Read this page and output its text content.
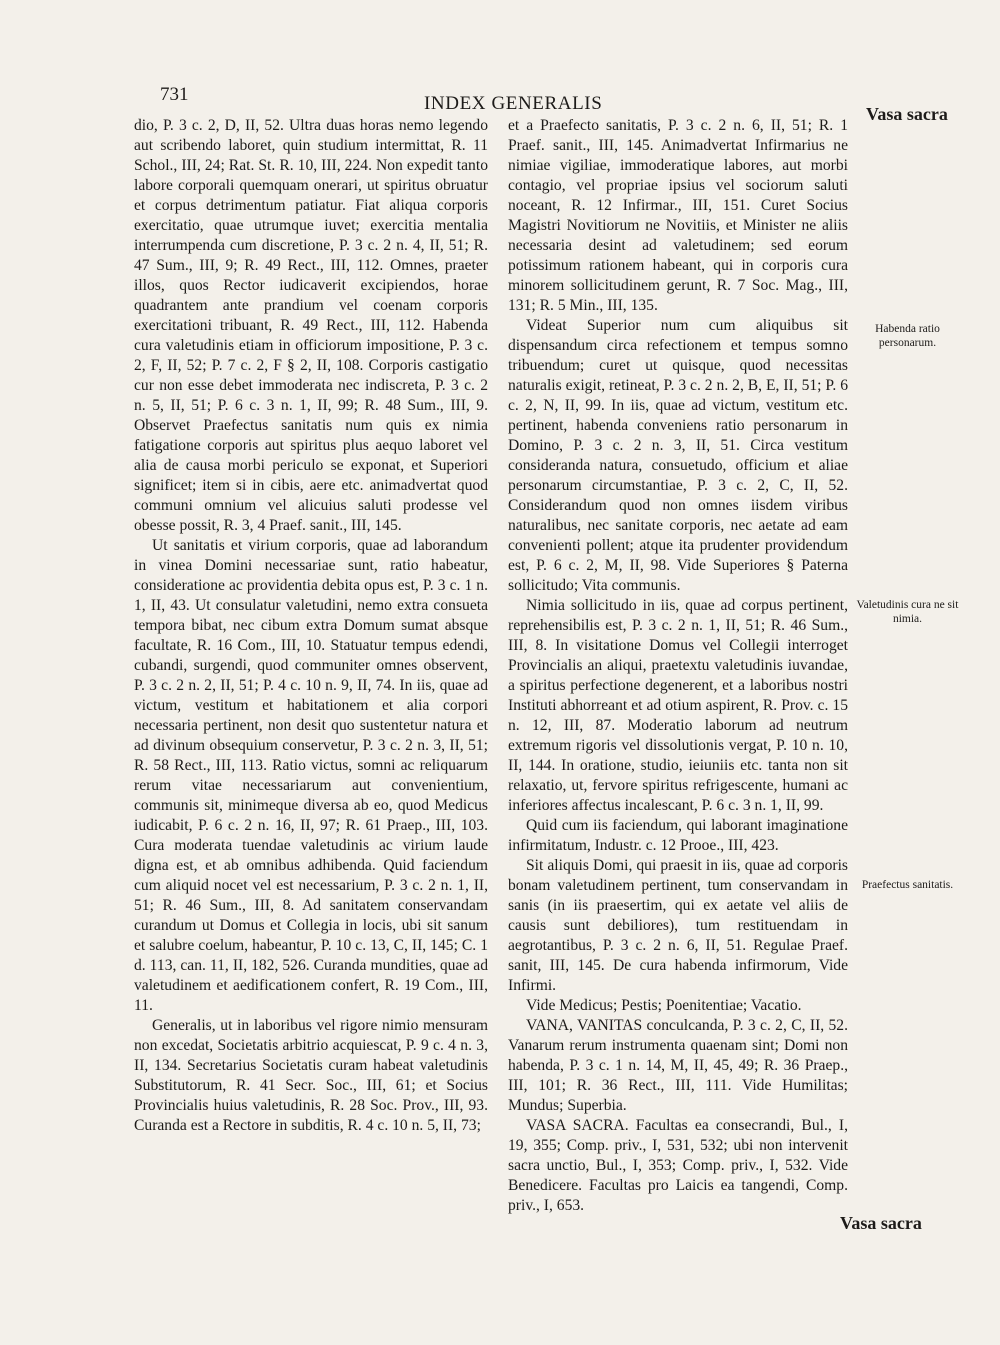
731	INDEX GENERALIS	Vasa sacra

dio, P. 3 c. 2, D, II, 52. Ultra duas horas nemo legendo aut scribendo laboret, quin studium intermittat, R. 11 Schol., III, 24; Rat. St. R. 10, III, 224. Non expedit tanto labore corporali quemquam onerari, ut spiritus obruatur et corpus detrimentum patiatur. Fiat aliqua corporis exercitatio, quae utrumque iuvet; exercitia mentalia interrumpenda cum discretione, P. 3 c. 2 n. 4, II, 51; R. 47 Sum., III, 9; R. 49 Rect., III, 112. Omnes, praeter illos, quos Rector iudicaverit excipiendos, horae quadrantem ante prandium vel coenam corporis exercitationi tribuant, R. 49 Rect., III, 112. Habenda cura valetudinis etiam in officiorum impositione, P. 3 c. 2, F, II, 52; P. 7 c. 2, F § 2, II, 108. Corporis castigatio cur non esse debet immoderata nec indiscreta, P. 3 c. 2 n. 5, II, 51; P. 6 c. 3 n. 1, II, 99; R. 48 Sum., III, 9. Observet Praefectus sanitatis num quis ex nimia fatigatione corporis aut spiritus plus aequo laboret vel alia de causa morbi periculo se exponat, et Superiori significet; item si in cibis, aere etc. animadvertat quod communi omnium vel alicuius saluti prodesse vel obesse possit, R. 3, 4 Praef. sanit., III, 145.

Ut sanitatis et virium corporis, quae ad laborandum in vinea Domini necessariae sunt, ratio habeatur, consideratione ac providentia debita opus est, P. 3 c. 1 n. 1, II, 43. Ut consulatur valetudini, nemo extra consueta tempora bibat, nec cibum extra Domum sumat absque facultate, R. 16 Com., III, 10. Statuatur tempus edendi, cubandi, surgendi, quod communiter omnes observent, P. 3 c. 2 n. 2, II, 51; P. 4 c. 10 n. 9, II, 74. In iis, quae ad victum, vestitum et habitationem et alia corpori necessaria pertinent, non desit quo sustentetur natura et ad divinum obsequium conservetur, P. 3 c. 2 n. 3, II, 51; R. 58 Rect., III, 113. Ratio victus, somni ac reliquarum rerum vitae necessariarum aut convenientium, communis sit, minimeque diversa ab eo, quod Medicus iudicabit, P. 6 c. 2 n. 16, II, 97; R. 61 Praep., III, 103. Cura moderata tuendae valetudinis ac virium laude digna est, et ab omnibus adhibenda. Quid faciendum cum aliquid nocet vel est necessarium, P. 3 c. 2 n. 1, II, 51; R. 46 Sum., III, 8. Ad sanitatem conservandam curandum ut Domus et Collegia in locis, ubi sit sanum et salubre coelum, habeantur, P. 10 c. 13, C, II, 145; C. 1 d. 113, can. 11, II, 182, 526. Curanda mundities, quae ad valetudinem et aedificationem confert, R. 19 Com., III, 11.

Generalis, ut in laboribus vel rigore nimio mensuram non excedat, Societatis arbitrio acquiescat, P. 9 c. 4 n. 3, II, 134. Secretarius Societatis curam habeat valetudinis Substitutorum, R. 41 Secr. Soc., III, 61; et Socius Provincialis huius valetudinis, R. 28 Soc. Prov., III, 93. Curanda est a Rectore in subditis, R. 4 c. 10 n. 5, II, 73;

et a Praefecto sanitatis, P. 3 c. 2 n. 6, II, 51; R. 1 Praef. sanit., III, 145. Animadvertat Infirmarius ne nimiae vigiliae, immoderatique labores, aut morbi contagio, vel propriae ipsius vel sociorum saluti noceant, R. 12 Infirmar., III, 151. Curet Socius Magistri Novitiorum ne Novitiis, et Minister ne aliis necessaria desint ad valetudinem; sed eorum potissimum rationem habeant, qui in corporis cura minorem sollicitudinem gerunt, R. 7 Soc. Mag., III, 131; R. 5 Min., III, 135.

Videat Superior num cum aliquibus sit dispensandum circa refectionem et tempus somno tribuendum; curet ut quisque, quod necessitas naturalis exigit, retineat, P. 3 c. 2 n. 2, B, E, II, 51; P. 6 c. 2, N, II, 99. In iis, quae ad victum, vestitum etc. pertinent, habenda conveniens ratio personarum in Domino, P. 3 c. 2 n. 3, II, 51. Circa vestitum consideranda natura, consuetudo, officium et aliae personarum circumstantiae, P. 3 c. 2, C, II, 52. Considerandum quod non omnes iisdem viribus naturalibus, nec sanitate corporis, nec aetate ad eam convenienti pollent; atque ita prudenter providendum est, P. 6 c. 2, M, II, 98. Vide Superiores § Paterna sollicitudo; Vita communis.

Nimia sollicitudo in iis, quae ad corpus pertinent, reprehensibilis est, P. 3 c. 2 n. 1, II, 51; R. 46 Sum., III, 8. In visitatione Domus vel Collegii interroget Provincialis an aliqui, praetextu valetudinis iuvandae, a spiritus perfectione degenerent, et a laboribus nostri Instituti abhorreant et ad otium aspirent, R. Prov. c. 15 n. 12, III, 87. Moderatio laborum ad neutrum extremum rigoris vel dissolutionis vergat, P. 10 n. 10, II, 144. In oratione, studio, ieiuniis etc. tanta non sit relaxatio, ut, fervore spiritus refrigescente, humani ac inferiores affectus incalescant, P. 6 c. 3 n. 1, II, 99.

Quid cum iis faciendum, qui laborant imaginatione infirmitatum, Industr. c. 12 Prooe., III, 423.

Sit aliquis Domi, qui praesit in iis, quae ad corporis bonam valetudinem pertinent, tum conservandam in sanis (in iis praesertim, qui ex aetate vel aliis de causis sunt debiliores), tum restituendam in aegrotantibus, P. 3 c. 2 n. 6, II, 51. Regulae Praef. sanit, III, 145. De cura habenda infirmorum, Vide Infirmi.

Vide Medicus; Pestis; Poenitentiae; Vacatio.

VANA, VANITAS conculcanda, P. 3 c. 2, C, II, 52. Vanarum rerum instrumenta quaenam sint; Domi non habenda, P. 3 c. 1 n. 14, M, II, 45, 49; R. 36 Praep., III, 101; R. 36 Rect., III, 111. Vide Humilitas; Mundus; Superbia.

VASA SACRA. Facultas ea consecrandi, Bul., I, 19, 355; Comp. priv., I, 531, 532; ubi non intervenit sacra unctio, Bul., I, 353; Comp. priv., I, 532. Vide Benedicere. Facultas pro Laicis ea tangendi, Comp. priv., I, 653.

Habenda ratio personarum.
Valetudinis cura ne sit nimia.
Praefectus sanitatis.
Vasa sacra
